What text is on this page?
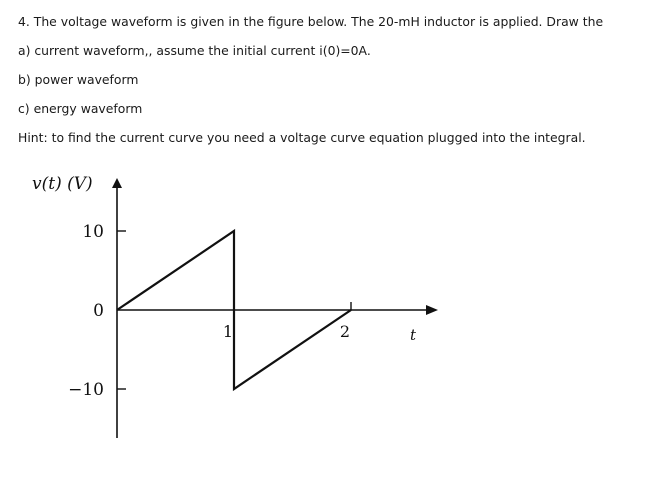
4. The voltage waveform is given in the figure below. The 20-mH inductor is applied. Draw the
a) current waveform,, assume the initial current i(0)=0A.
b) power waveform
c) energy waveform
Hint: to find the current curve you need a voltage curve equation plugged into the integral.
v(t) (V)
t
10
0
−10
1	2
